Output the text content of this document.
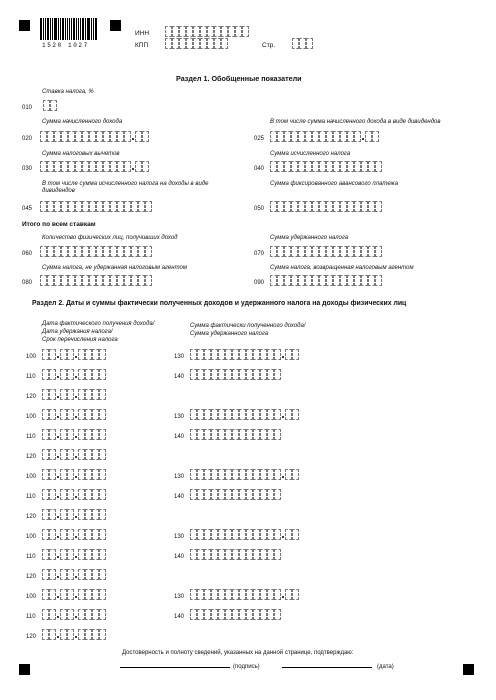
1520 1027
ИНН
КПП	Стр.
Раздел 1. Обобщенные показатели
Ставка налога, %
010
Сумма начисленного дохода
020
В том числе сумма начисленного дохода в виде дивидендов
025
Сумма налоговых вычетов
030
Сумма исчисленного налога
040
В том числе сумма исчисленного налога на доходы в виде дивидендов
045
Сумма фиксированного авансового платежа
050
Итого по всем ставкам
Количество физических лиц, получивших доход
060
Сумма удержанного налога
070
Сумма налога, не удержанная налоговым агентом
080
Сумма налога, возвращенная налоговым агентом
090
Раздел 2. Даты и суммы фактически полученных доходов и удержанного налога на доходы физических лиц
Дата фактического получения дохода/
Дата удержания налога/
Срок перечисления налога
Сумма фактически полученного дохода/
Сумма удержанного налога
100
110
120
130
140
100
110
120
130
140
100
110
120
130
140
100
110
120
130
140
100
110
120
130
140
Достоверность и полноту сведений, указанных на данной странице, подтверждаю:
(подпись)	(дата)
